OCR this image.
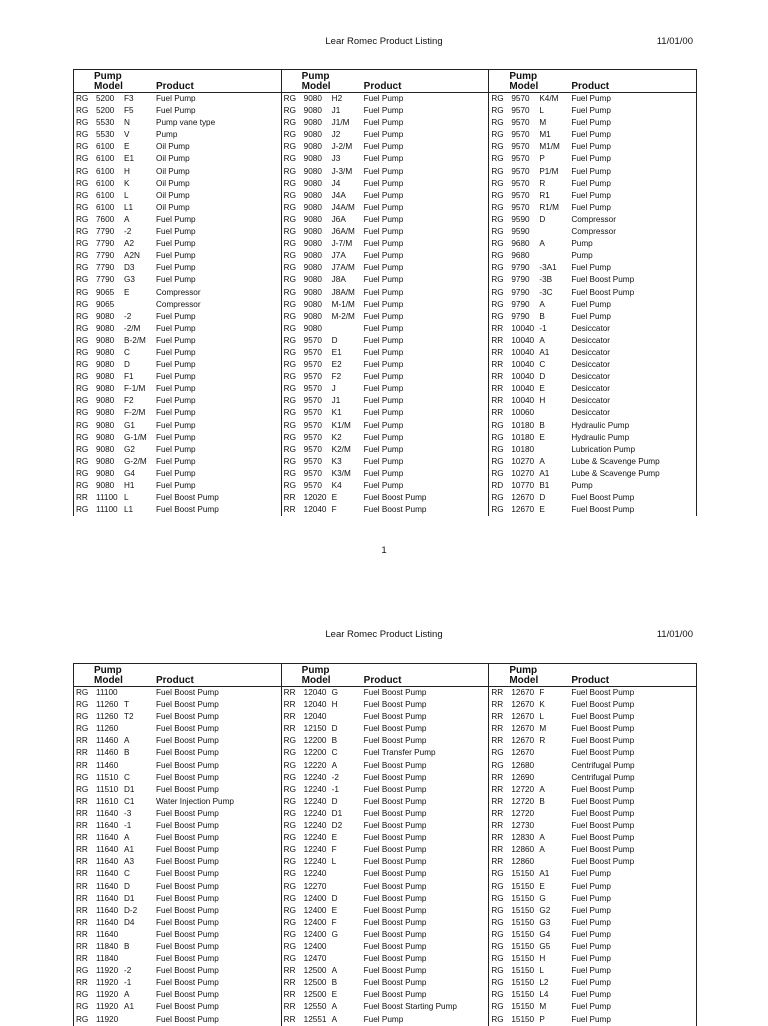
Lear Romec Product Listing	11/01/00
Pump
Model	Product
RG 5200 F3	Fuel Pump
RG 5200 F5	Fuel Pump
RG 5530 N	Pump vane type
RG 5530 V	Pump
RG 6100 E	Oil Pump
RG 6100 E1	Oil Pump
RG 6100 H	Oil Pump
RG 6100 K	Oil Pump
RG 6100 L	Oil Pump
RG 6100 L1	Oil Pump
RG 7600 A	Fuel Pump
RG 7790 -2	Fuel Pump
RG 7790 A2	Fuel Pump
RG 7790 A2N Fuel Pump
RG 7790 D3	Fuel Pump
RG 7790 G3	Fuel Pump
RG 9065 E	Compressor
RG 9065	Compressor
RG 9080 -2	Fuel Pump
RG 9080 -2/M Fuel Pump
RG 9080 B-2/M Fuel Pump
RG 9080 C	Fuel Pump
RG 9080 D	Fuel Pump
RG 9080 F1	Fuel Pump
RG 9080 F-1/M Fuel Pump
RG 9080 F2	Fuel Pump
RG 9080 F-2/M Fuel Pump
RG 9080 G1	Fuel Pump
RG 9080 G-1/M Fuel Pump
RG 9080 G2	Fuel Pump
RG 9080 G-2/M Fuel Pump
RG 9080 G4	Fuel Pump
RG 9080 H1	Fuel Pump
RR 11100 L	Fuel Boost Pump
RG 11100 L1	Fuel Boost Pump
Pump
Model	Product
RG 9080 H2	Fuel Pump
RG 9080 J1	Fuel Pump
RG 9080 J1/M Fuel Pump
RG 9080 J2	Fuel Pump
RG 9080 J-2/M Fuel Pump
RG 9080 J3	Fuel Pump
RG 9080 J-3/M Fuel Pump
RG 9080 J4	Fuel Pump
RG 9080 J4A Fuel Pump
RG 9080 J4A/M Fuel Pump
RG 9080 J6A Fuel Pump
RG 9080 J6A/M Fuel Pump
RG 9080 J-7/M Fuel Pump
RG 9080 J7A Fuel Pump
RG 9080 J7A/M Fuel Pump
RG 9080 J8A Fuel Pump
RG 9080 J8A/M Fuel Pump
RG 9080 M-1/M Fuel Pump
RG 9080 M-2/M Fuel Pump
RG 9080	Fuel Pump
RG 9570 D	Fuel Pump
RG 9570 E1	Fuel Pump
RG 9570 E2	Fuel Pump
RG 9570 F2	Fuel Pump
RG 9570 J	Fuel Pump
RG 9570 J1	Fuel Pump
RG 9570 K1	Fuel Pump
RG 9570 K1/M Fuel Pump
RG 9570 K2	Fuel Pump
RG 9570 K2/M Fuel Pump
RG 9570 K3	Fuel Pump
RG 9570 K3/M Fuel Pump
RG 9570 K4	Fuel Pump
RR 12020 E	Fuel Boost Pump
RR 12040 F	Fuel Boost Pump
Pump
Model	Product
RG 9570 K4/M Fuel Pump
RG 9570 L	Fuel Pump
RG 9570 M	Fuel Pump
RG 9570 M1	Fuel Pump
RG 9570 M1/M Fuel Pump
RG 9570 P	Fuel Pump
RG 9570 P1/M Fuel Pump
RG 9570 R	Fuel Pump
RG 9570 R1	Fuel Pump
RG 9570 R1/M Fuel Pump
RG 9590 D	Compressor
RG 9590	Compressor
RG 9680 A	Pump
RG 9680	Pump
RG 9790 -3A1 Fuel Pump
RG 9790 -3B Fuel Boost Pump
RG 9790 -3C Fuel Boost Pump
RG 9790 A	Fuel Pump
RG 9790 B	Fuel Pump
RR 10040 -1	Desiccator
RR 10040 A	Desiccator
RR 10040 A1	Desiccator
RR 10040 C	Desiccator
RR 10040 D	Desiccator
RR 10040 E	Desiccator
RR 10040 H	Desiccator
RR 10060	Desiccator
RG 10180 B	Hydraulic Pump
RG 10180 E	Hydraulic Pump
RG 10180	Lubrication Pump
RG 10270 A	Lube & Scavenge Pump
RG 10270 A1	Lube & Scavenge Pump
RD 10770 B1	Pump
RG 12670 D	Fuel Boost Pump
RG 12670 E	Fuel Boost Pump
1
Lear Romec Product Listing	11/01/00
Pump
Model	Product
RG 11100	Fuel Boost Pump
RG 11260 T	Fuel Boost Pump
RG 11260 T2	Fuel Boost Pump
RG 11260	Fuel Boost Pump
RR 11460 A	Fuel Boost Pump
RR 11460 B	Fuel Boost Pump
RR 11460	Fuel Boost Pump
RG 11510 C	Fuel Boost Pump
RG 11510 D1	Fuel Boost Pump
RR 11610 C1	Water Injection Pump
RR 11640 -3	Fuel Boost Pump
RR 11640 -1	Fuel Boost Pump
RR 11640 A	Fuel Boost Pump
RR 11640 A1	Fuel Boost Pump
RR 11640 A3	Fuel Boost Pump
RR 11640 C	Fuel Boost Pump
RR 11640 D	Fuel Boost Pump
RR 11640 D1	Fuel Boost Pump
RR 11640 D-2 Fuel Boost Pump
RR 11640 D4	Fuel Boost Pump
RR 11640	Fuel Boost Pump
RR 11840 B	Fuel Boost Pump
RR 11840	Fuel Boost Pump
RG 11920 -2	Fuel Boost Pump
RR 11920 -1	Fuel Boost Pump
RG 11920 A	Fuel Boost Pump
RG 11920 A1	Fuel Boost Pump
RG 11920	Fuel Boost Pump
Pump
Model	Product
RR 12040 G	Fuel Boost Pump
RR 12040 H	Fuel Boost Pump
RR 12040	Fuel Boost Pump
RR 12150 D	Fuel Boost Pump
RG 12200 B	Fuel Boost Pump
RG 12200 C	Fuel Transfer Pump
RG 12220 A	Fuel Boost Pump
RG 12240 -2	Fuel Boost Pump
RG 12240 -1	Fuel Boost Pump
RG 12240 D	Fuel Boost Pump
RG 12240 D1	Fuel Boost Pump
RG 12240 D2	Fuel Boost Pump
RG 12240 E	Fuel Boost Pump
RG 12240 F	Fuel Boost Pump
RG 12240 L	Fuel Boost Pump
RG 12240	Fuel Boost Pump
RG 12270	Fuel Boost Pump
RG 12400 D	Fuel Boost Pump
RG 12400 E	Fuel Boost Pump
RG 12400 F	Fuel Boost Pump
RG 12400 G	Fuel Boost Pump
RG 12400	Fuel Boost Pump
RG 12470	Fuel Boost Pump
RR 12500 A	Fuel Boost Pump
RR 12500 B	Fuel Boost Pump
RR 12500 E	Fuel Boost Pump
RR 12550 A	Fuel Boost Starting Pump
RR 12551 A	Fuel Pump
Pump
Model	Product
RR 12670 F	Fuel Boost Pump
RR 12670 K	Fuel Boost Pump
RR 12670 L	Fuel Boost Pump
RR 12670 M	Fuel Boost Pump
RR 12670 R	Fuel Boost Pump
RG 12670	Fuel Boost Pump
RG 12680	Centrifugal Pump
RR 12690	Centrifugal Pump
RR 12720 A	Fuel Boost Pump
RR 12720 B	Fuel Boost Pump
RR 12720	Fuel Boost Pump
RR 12730	Fuel Boost Pump
RR 12830 A	Fuel Boost Pump
RR 12860 A	Fuel Boost Pump
RR 12860	Fuel Boost Pump
RG 15150 A1	Fuel Pump
RG 15150 E	Fuel Pump
RG 15150 G	Fuel Pump
RG 15150 G2	Fuel Pump
RG 15150 G3	Fuel Pump
RG 15150 G4	Fuel Pump
RG 15150 G5	Fuel Pump
RG 15150 H	Fuel Pump
RG 15150 L	Fuel Pump
RG 15150 L2	Fuel Pump
RG 15150 L4	Fuel Pump
RG 15150 M	Fuel Pump
RG 15150 P	Fuel Pump
